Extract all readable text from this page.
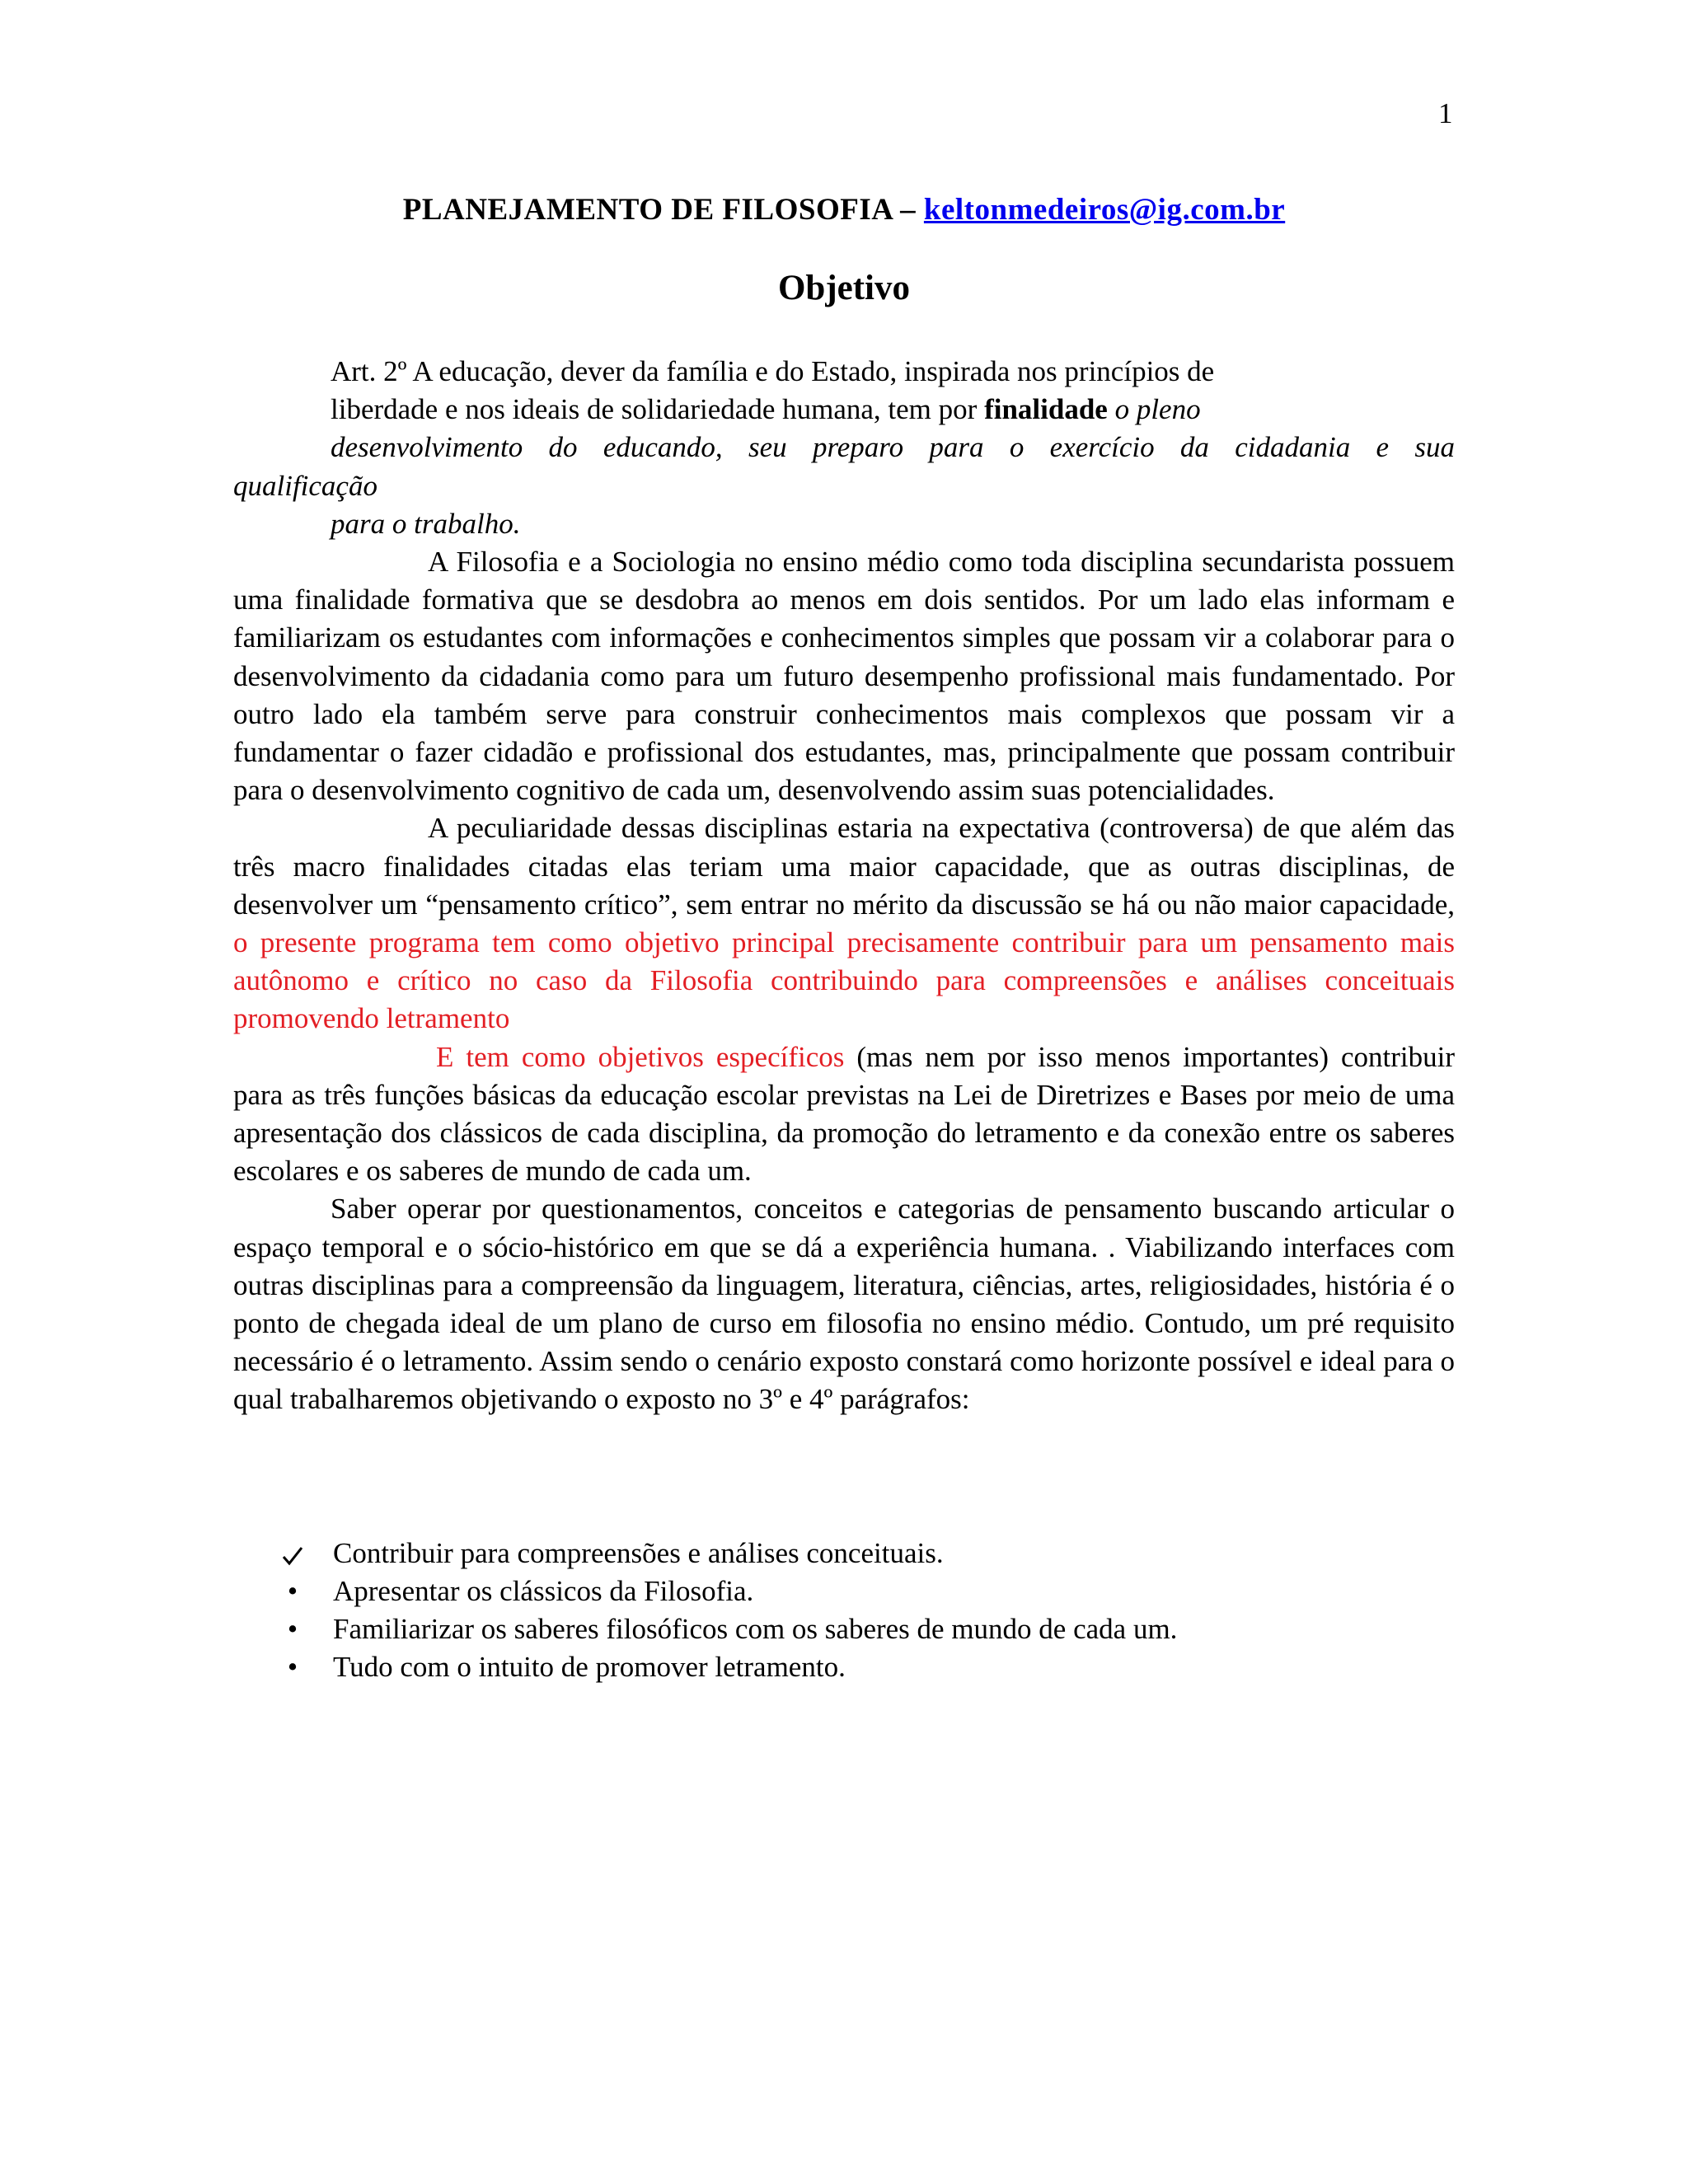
1
PLANEJAMENTO DE FILOSOFIA – keltonmedeiros@ig.com.br
Objetivo
Art. 2º A educação, dever da família e do Estado, inspirada nos princípios de
liberdade e nos ideais de solidariedade humana, tem por finalidade o pleno
desenvolvimento do educando, seu preparo para o exercício da cidadania e sua
qualificação
para o trabalho.

A Filosofia e a Sociologia no ensino médio como toda disciplina secundarista possuem uma finalidade formativa que se desdobra ao menos em dois sentidos. Por um lado elas informam e familiarizam os estudantes com informações e conhecimentos simples que possam vir a colaborar para o desenvolvimento da cidadania como para um futuro desempenho profissional mais fundamentado. Por outro lado ela também serve para construir conhecimentos mais complexos que possam vir a fundamentar o fazer cidadão e profissional dos estudantes, mas, principalmente que possam contribuir para o desenvolvimento cognitivo de cada um, desenvolvendo assim suas potencialidades.

A peculiaridade dessas disciplinas estaria na expectativa (controversa) de que além das três macro finalidades citadas elas teriam uma maior capacidade, que as outras disciplinas, de desenvolver um “pensamento crítico”, sem entrar no mérito da discussão se há ou não maior capacidade, o presente programa tem como objetivo principal precisamente contribuir para um pensamento mais autônomo e crítico no caso da Filosofia contribuindo para compreensões e análises conceituais promovendo letramento

E tem como objetivos específicos (mas nem por isso menos importantes) contribuir para as três funções básicas da educação escolar previstas na Lei de Diretrizes e Bases por meio de uma apresentação dos clássicos de cada disciplina, da promoção do letramento e da conexão entre os saberes escolares e os saberes de mundo de cada um.

Saber operar por questionamentos, conceitos e categorias de pensamento buscando articular o espaço temporal e o sócio-histórico em que se dá a experiência humana. . Viabilizando interfaces com outras disciplinas para a compreensão da linguagem, literatura, ciências, artes, religiosidades, história é o ponto de chegada ideal de um plano de curso em filosofia no ensino médio. Contudo, um pré requisito necessário é o letramento. Assim sendo o cenário exposto constará como horizonte possível e ideal para o qual trabalharemos objetivando o exposto no 3º e 4º parágrafos:

Contribuir para compreensões e análises conceituais.
• Apresentar os clássicos da Filosofia.
• Familiarizar os saberes filosóficos com os saberes de mundo de cada um.
• Tudo com o intuito de promover letramento.
